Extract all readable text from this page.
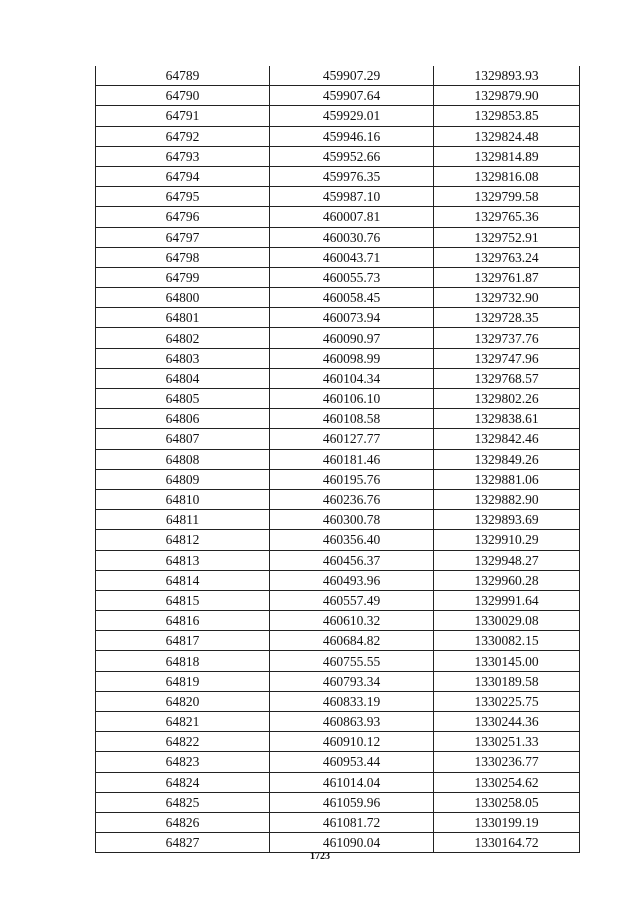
64789	459907.29	1329893.93
64790	459907.64	1329879.90
64791	459929.01	1329853.85
64792	459946.16	1329824.48
64793	459952.66	1329814.89
64794	459976.35	1329816.08
64795	459987.10	1329799.58
64796	460007.81	1329765.36
64797	460030.76	1329752.91
64798	460043.71	1329763.24
64799	460055.73	1329761.87
64800	460058.45	1329732.90
64801	460073.94	1329728.35
64802	460090.97	1329737.76
64803	460098.99	1329747.96
64804	460104.34	1329768.57
64805	460106.10	1329802.26
64806	460108.58	1329838.61
64807	460127.77	1329842.46
64808	460181.46	1329849.26
64809	460195.76	1329881.06
64810	460236.76	1329882.90
64811	460300.78	1329893.69
64812	460356.40	1329910.29
64813	460456.37	1329948.27
64814	460493.96	1329960.28
64815	460557.49	1329991.64
64816	460610.32	1330029.08
64817	460684.82	1330082.15
64818	460755.55	1330145.00
64819	460793.34	1330189.58
64820	460833.19	1330225.75
64821	460863.93	1330244.36
64822	460910.12	1330251.33
64823	460953.44	1330236.77
64824	461014.04	1330254.62
64825	461059.96	1330258.05
64826	461081.72	1330199.19
64827	461090.04	1330164.72
1723
